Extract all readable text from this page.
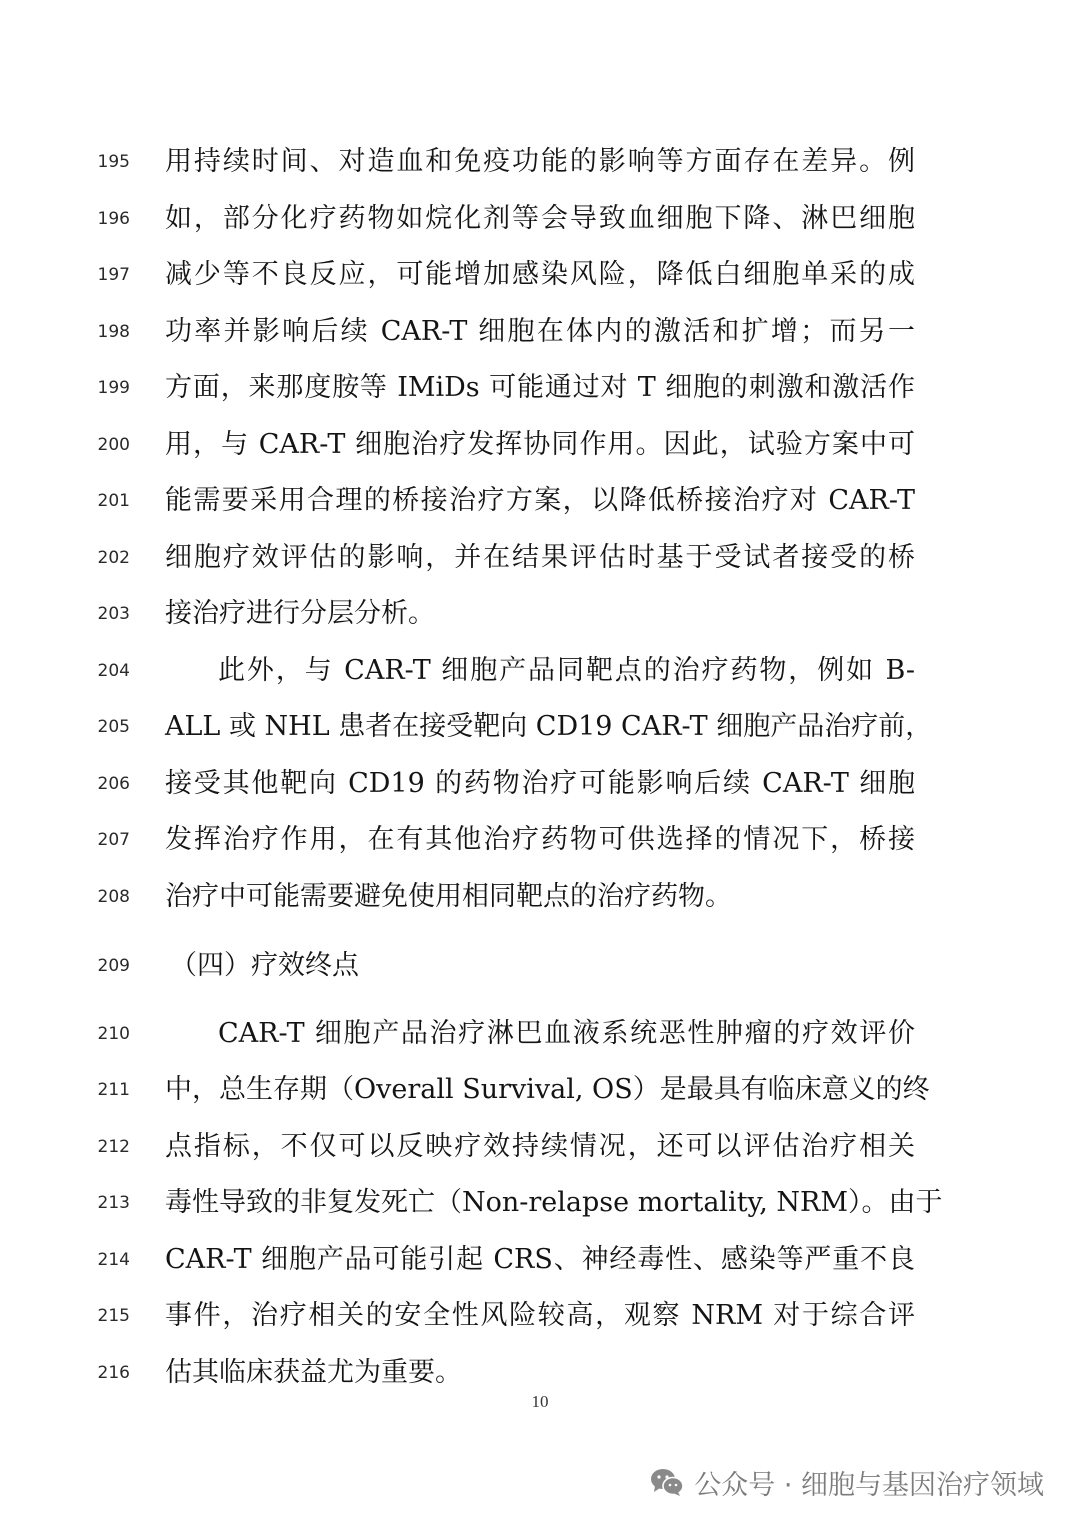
195 用持续时间、对造血和免疫功能的影响等方面存在差异。例
196 如，部分化疗药物如烷化剂等会导致血细胞下降、淋巴细胞
197 减少等不良反应，可能增加感染风险，降低白细胞单采的成
198 功率并影响后续 CAR-T 细胞在体内的激活和扩增；而另一
199 方面，来那度胺等 IMiDs 可能通过对 T 细胞的刺激和激活作
200 用，与 CAR-T 细胞治疗发挥协同作用。因此，试验方案中可
201 能需要采用合理的桥接治疗方案，以降低桥接治疗对 CAR-T
202 细胞疗效评估的影响，并在结果评估时基于受试者接受的桥
203 接治疗进行分层分析。
204	此外，与 CAR-T 细胞产品同靶点的治疗药物，例如 B-
205 ALL 或 NHL 患者在接受靶向 CD19 CAR-T 细胞产品治疗前，
206 接受其他靶向 CD19 的药物治疗可能影响后续 CAR-T 细胞
207 发挥治疗作用，在有其他治疗药物可供选择的情况下，桥接
208 治疗中可能需要避免使用相同靶点的治疗药物。
209 （四）疗效终点
210	CAR-T 细胞产品治疗淋巴血液系统恶性肿瘤的疗效评价
211 中，总生存期（Overall Survival, OS）是最具有临床意义的终
212 点指标，不仅可以反映疗效持续情况，还可以评估治疗相关
213 毒性导致的非复发死亡（Non-relapse mortality, NRM）。由于
214 CAR-T 细胞产品可能引起 CRS、神经毒性、感染等严重不良
215 事件，治疗相关的安全性风险较高，观察 NRM 对于综合评
216 估其临床获益尤为重要。
10
公众号 · 细胞与基因治疗领域
